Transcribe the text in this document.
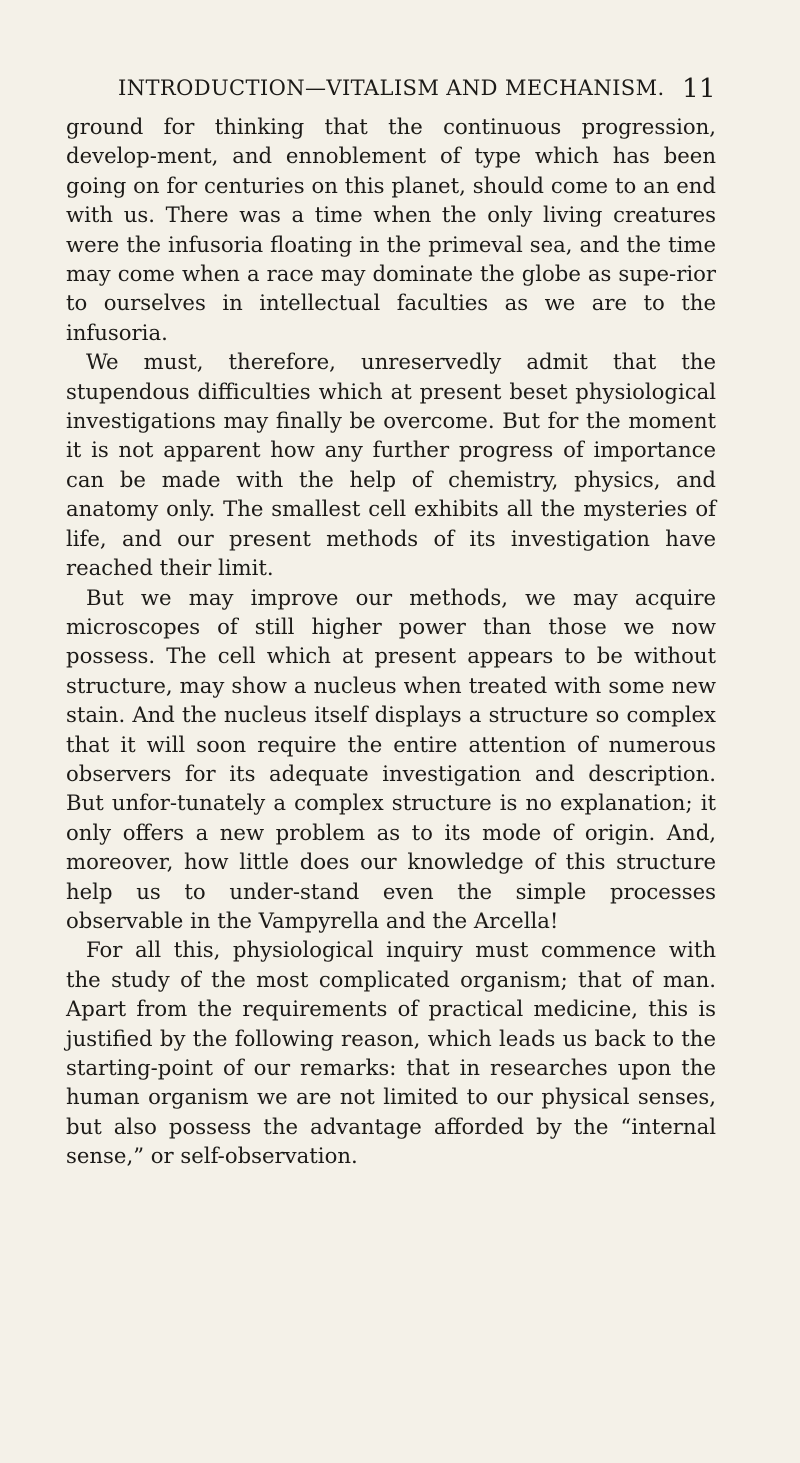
INTRODUCTION—VITALISM AND MECHANISM. 11

ground for thinking that the continuous progression, develop-ment, and ennoblement of type which has been going on for centuries on this planet, should come to an end with us. There was a time when the only living creatures were the infusoria floating in the primeval sea, and the time may come when a race may dominate the globe as supe-rior to ourselves in intellectual faculties as we are to the infusoria.

We must, therefore, unreservedly admit that the stupendous difficulties which at present beset physiological investigations may finally be overcome. But for the moment it is not apparent how any further progress of importance can be made with the help of chemistry, physics, and anatomy only. The smallest cell exhibits all the mysteries of life, and our present methods of its investigation have reached their limit.

But we may improve our methods, we may acquire microscopes of still higher power than those we now possess. The cell which at present appears to be without structure, may show a nucleus when treated with some new stain. And the nucleus itself displays a structure so complex that it will soon require the entire attention of numerous observers for its adequate investigation and description. But unfor-tunately a complex structure is no explanation; it only offers a new problem as to its mode of origin. And, moreover, how little does our knowledge of this structure help us to under-stand even the simple processes observable in the Vampyrella and the Arcella!

For all this, physiological inquiry must commence with the study of the most complicated organism; that of man. Apart from the requirements of practical medicine, this is justified by the following reason, which leads us back to the starting-point of our remarks: that in researches upon the human organism we are not limited to our physical senses, but also possess the advantage afforded by the “internal sense,” or self-observation.
